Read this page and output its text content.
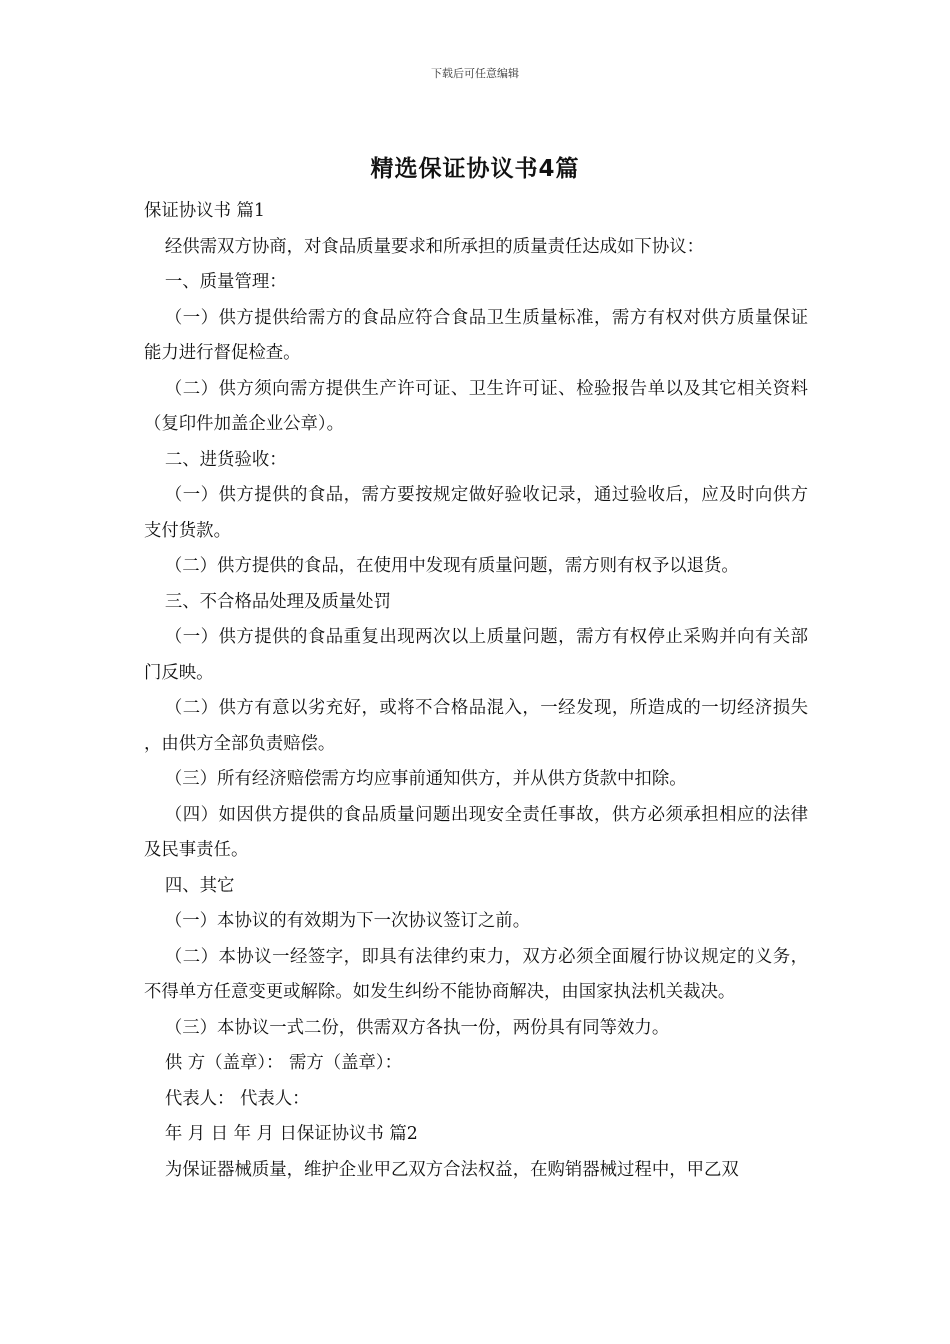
下载后可任意编辑
精选保证协议书4篇

保证协议书 篇1

经供需双方协商，对食品质量要求和所承担的质量责任达成如下协议：

一、质量管理：

（一）供方提供给需方的食品应符合食品卫生质量标准，需方有权对供方质量保证能力进行督促检查。

（二）供方须向需方提供生产许可证、卫生许可证、检验报告单以及其它相关资料（复印件加盖企业公章）。

二、进货验收：

（一）供方提供的食品，需方要按规定做好验收记录，通过验收后，应及时向供方支付货款。

（二）供方提供的食品，在使用中发现有质量问题，需方则有权予以退货。

三、不合格品处理及质量处罚

（一）供方提供的食品重复出现两次以上质量问题，需方有权停止采购并向有关部门反映。

（二）供方有意以劣充好，或将不合格品混入，一经发现，所造成的一切经济损失 ，由供方全部负责赔偿。

（三）所有经济赔偿需方均应事前通知供方，并从供方货款中扣除。

（四）如因供方提供的食品质量问题出现安全责任事故，供方必须承担相应的法律及民事责任。

四、其它

（一）本协议的有效期为下一次协议签订之前。

（二）本协议一经签字，即具有法律约束力，双方必须全面履行协议规定的义务，不得单方任意变更或解除。如发生纠纷不能协商解决，由国家执法机关裁决。

（三）本协议一式二份，供需双方各执一份，两份具有同等效力。

供 方（盖章）： 需方（盖章）：

代表人： 代表人：

年 月 日 年 月 日保证协议书 篇2

为保证器械质量，维护企业甲乙双方合法权益，在购销器械过程中，甲乙双
